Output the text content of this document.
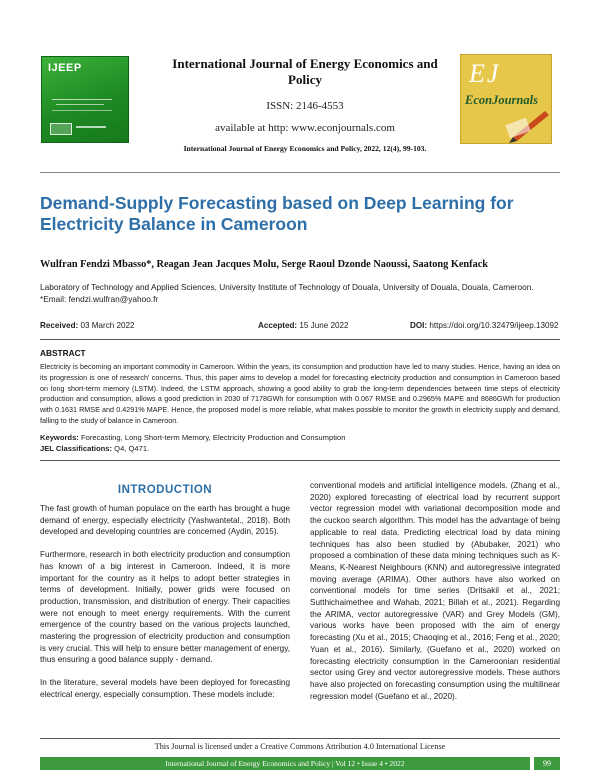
IJEEP	International Journal of Energy Economics and Policy
ISSN: 2146-4553
available at http: www.econjournals.com
International Journal of Energy Economics and Policy, 2022, 12(4), 99-103.
EJ
EconJournals
Demand-Supply Forecasting based on Deep Learning for Electricity Balance in Cameroon
Wulfran Fendzi Mbasso*, Reagan Jean Jacques Molu, Serge Raoul Dzonde Naoussi, Saatong Kenfack
Laboratory of Technology and Applied Sciences, University Institute of Technology of Douala, University of Douala, Douala, Cameroon. *Email: fendzi.wulfran@yahoo.fr
Received: 03 March 2022	Accepted: 15 June 2022	DOI: https://doi.org/10.32479/ijeep.13092
ABSTRACT

Electricity is becoming an important commodity in Cameroon. Within the years, its consumption and production have led to many studies. Hence, having an idea on its progression is one of research' concerns. Thus, this paper aims to develop a model for forecasting electricity production and consumption in Cameroon based on long short-term memory (LSTM). Indeed, the LSTM approach, showing a good ability to grab the long-term dependencies between time steps of electricity production and consumption, allows a good prediction in 2030 of 7178GWh for consumption with 0.067 RMSE and 0.2965% MAPE and 8686GWh for production with 0.1631 RMSE and 0.4291% MAPE. Hence, the proposed model is more reliable, what makes possible to monitor the growth in electricity supply and demand, falling to the study of balance in Cameroon.

Keywords: Forecasting, Long Short-term Memory, Electricity Production and Consumption
JEL Classifications: Q4, Q471.
INTRODUCTION

The fast growth of human populace on the earth has brought a huge demand of energy, especially electricity (Yashwantetal., 2018). Both developed and developing countries are concerned (Aydin, 2015).

Furthermore, research in both electricity production and consumption has known of a big interest in Cameroon. Indeed, it is more important for the country as it helps to adopt better strategies in terms of development. Initially, power grids were focused on production, transmission, and distribution of energy. Their capacities were not enough to meet energy requirements. With the current emergence of the country based on the various projects launched, mastering the progression of electricity production and consumption is very crucial. This will help to ensure better management of energy, thus ensuring a good balance supply - demand.

In the literature, several models have been deployed for forecasting electrical energy, especially consumption. These models include:

conventional models and artificial intelligence models. (Zhang et al., 2020) explored forecasting of electrical load by recurrent support vector regression model with variational decomposition mode and the cuckoo search algorithm. This model has the advantage of being applicable to real data. Predicting electrical load by data mining techniques has also been studied by (Abubaker, 2021) who proposed a combination of these data mining techniques such as K-Means, K-Nearest Neighbours (KNN) and autoregressive integrated moving average (ARIMA). Other authors have also worked on conventional models for time series (Dritsakil et al., 2021; Sutthichaimethee and Wahab, 2021; Billah et al., 2021). Regarding the ARIMA, vector autoregressive (VAR) and Grey Models (GM), various works have been proposed with the aim of energy forecasting (Xu et al., 2015; Chaoqing et al., 2016; Feng et al., 2020; Yuan et al., 2016). Similarly, (Guefano et al., 2020) worked on forecasting electricity consumption in the Cameroonian residential sector using Grey and vector autoregressive models. These authors have also projected on forecasting consumption using the multilinear regression model (Guefano et al., 2020).

This Journal is licensed under a Creative Commons Attribution 4.0 International License
International Journal of Energy Economics and Policy | Vol 12 • Issue 4 • 2022	99
